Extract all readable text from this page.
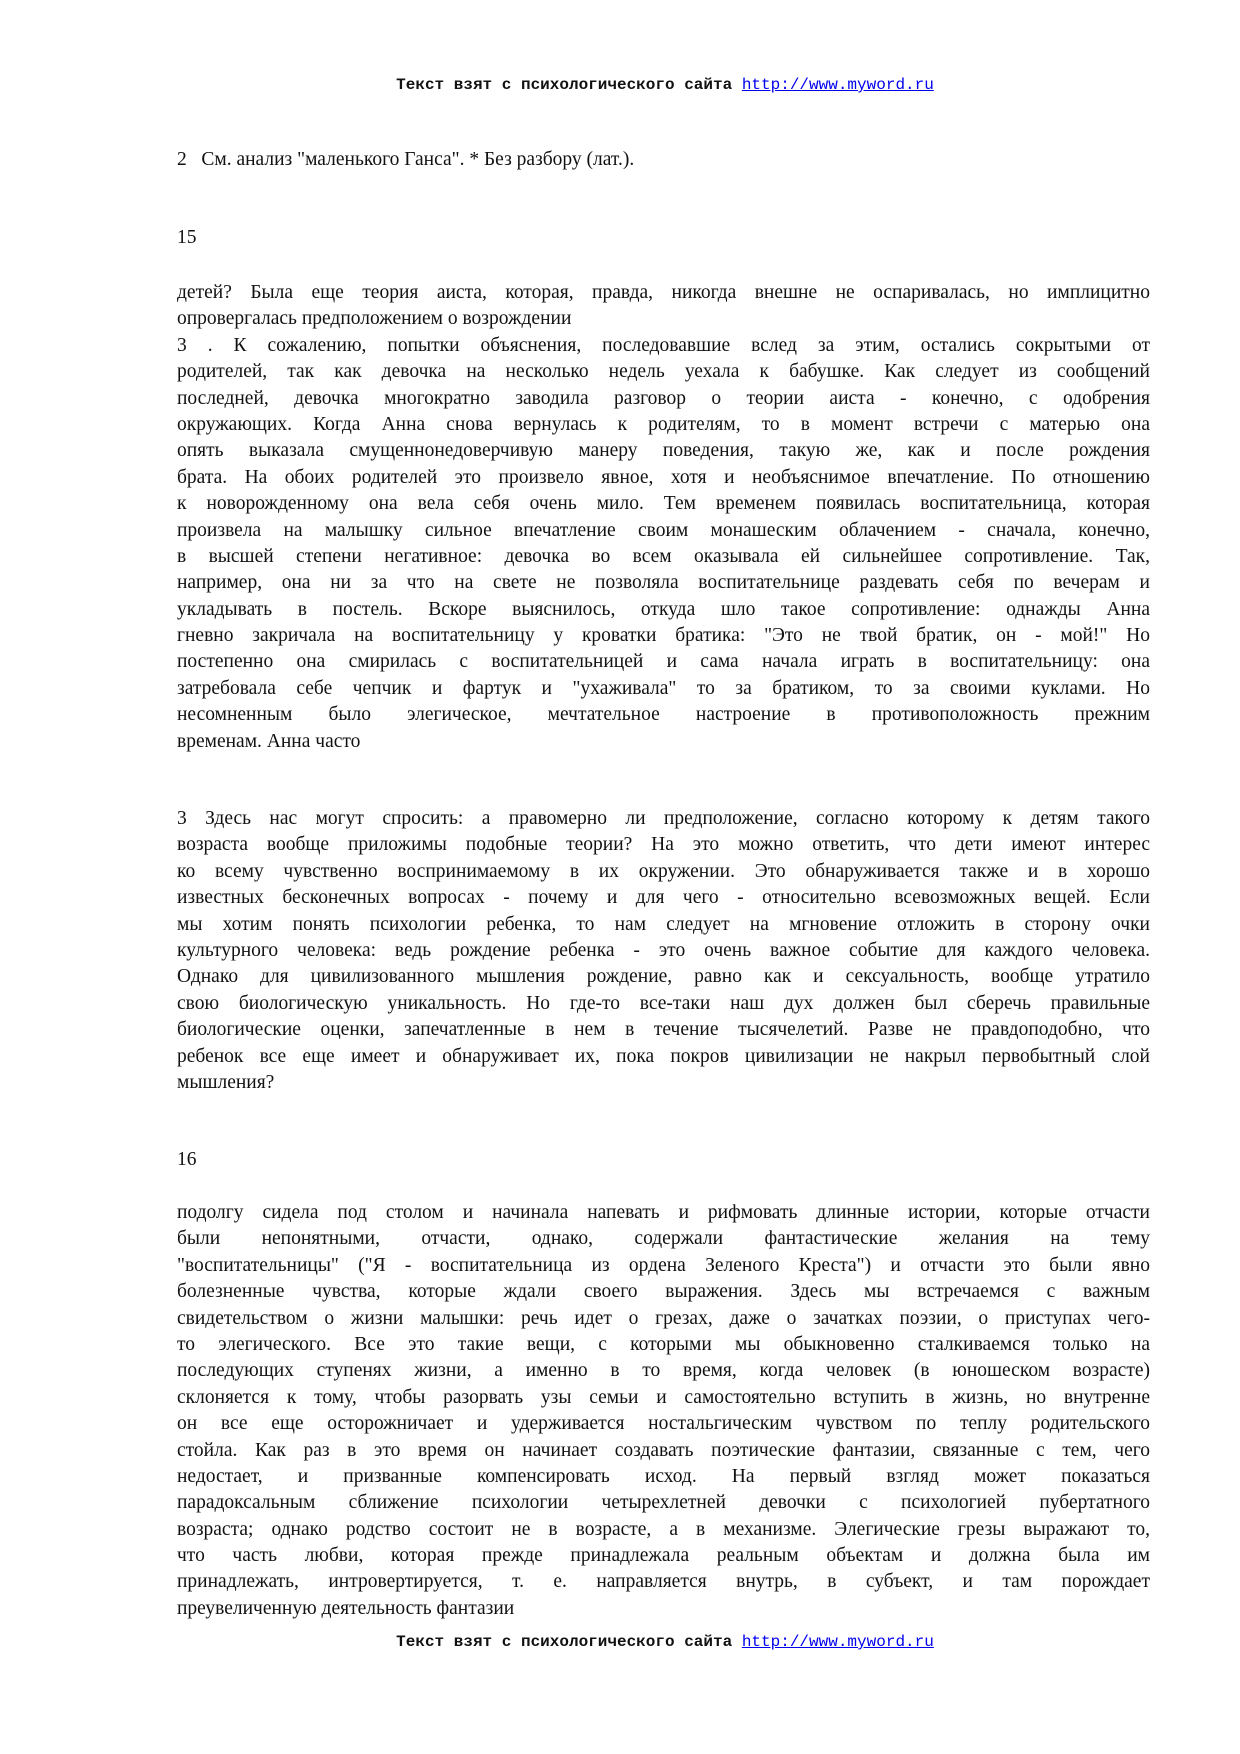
Текст взят с психологического сайта http://www.myword.ru
2   См. анализ "маленького Ганса". * Без разбору (лат.).
15
детей? Была еще теория аиста, которая, правда, никогда внешне не оспаривалась, но имплицитно
опровергалась предположением о возрождении
3 . К сожалению, попытки объяснения, последовавшие вслед за этим, остались сокрытыми от
родителей, так как девочка на несколько недель уехала к бабушке. Как следует из сообщений
последней, девочка многократно заводила разговор о теории аиста - конечно, с одобрения
окружающих. Когда Анна снова вернулась к родителям, то в момент встречи с матерью она
опять выказала смущеннонедоверчивую манеру поведения, такую же, как и после рождения
брата. На обоих родителей это произвело явное, хотя и необъяснимое впечатление. По отношению
к новорожденному она вела себя очень мило. Тем временем появилась воспитательница, которая
произвела на малышку сильное впечатление своим монашеским облачением - сначала, конечно,
в высшей степени негативное: девочка во всем оказывала ей сильнейшее сопротивление. Так,
например, она ни за что на свете не позволяла воспитательнице раздевать себя по вечерам и
укладывать в постель. Вскоре выяснилось, откуда шло такое сопротивление: однажды Анна
гневно закричала на воспитательницу у кроватки братика: "Это не твой братик, он - мой!" Но
постепенно она смирилась с воспитательницей и сама начала играть в воспитательницу: она
затребовала себе чепчик и фартук и "ухаживала" то за братиком, то за своими куклами. Но
несомненным было элегическое, мечтательное настроение в противоположность прежним
временам. Анна часто
3 Здесь нас могут спросить: а правомерно ли предположение, согласно которому к детям такого
возраста вообще приложимы подобные теории? На это можно ответить, что дети имеют интерес
ко всему чувственно воспринимаемому в их окружении. Это обнаруживается также и в хорошо
известных бесконечных вопросах - почему и для чего - относительно всевозможных вещей. Если
мы хотим понять психологии ребенка, то нам следует на мгновение отложить в сторону очки
культурного человека: ведь рождение ребенка - это очень важное событие для каждого человека.
Однако для цивилизованного мышления рождение, равно как и сексуальность, вообще утратило
свою биологическую уникальность. Но где-то все-таки наш дух должен был сберечь правильные
биологические оценки, запечатленные в нем в течение тысячелетий. Разве не правдоподобно, что
ребенок все еще имеет и обнаруживает их, пока покров цивилизации не накрыл первобытный слой
мышления?
16
подолгу сидела под столом и начинала напевать и рифмовать длинные истории, которые отчасти
были непонятными, отчасти, однако, содержали фантастические желания на тему
"воспитательницы" ("Я - воспитательница из ордена Зеленого Креста") и отчасти это были явно
болезненные чувства, которые ждали своего выражения. Здесь мы встречаемся с важным
свидетельством о жизни малышки: речь идет о грезах, даже о зачатках поэзии, о приступах чего-
то элегического. Все это такие вещи, с которыми мы обыкновенно сталкиваемся только на
последующих ступенях жизни, а именно в то время, когда человек (в юношеском возрасте)
склоняется к тому, чтобы разорвать узы семьи и самостоятельно вступить в жизнь, но внутренне
он все еще осторожничает и удерживается ностальгическим чувством по теплу родительского
стойла. Как раз в это время он начинает создавать поэтические фантазии, связанные с тем, чего
недостает, и призванные компенсировать исход. На первый взгляд может показаться
парадоксальным сближение психологии четырехлетней девочки с психологией пубертатного
возраста; однако родство состоит не в возрасте, а в механизме. Элегические грезы выражают то,
что часть любви, которая прежде принадлежала реальным объектам и должна была им
принадлежать, интровертируется, т. е. направляется внутрь, в субъект, и там порождает
преувеличенную деятельность фантазии
Текст взят с психологического сайта http://www.myword.ru
